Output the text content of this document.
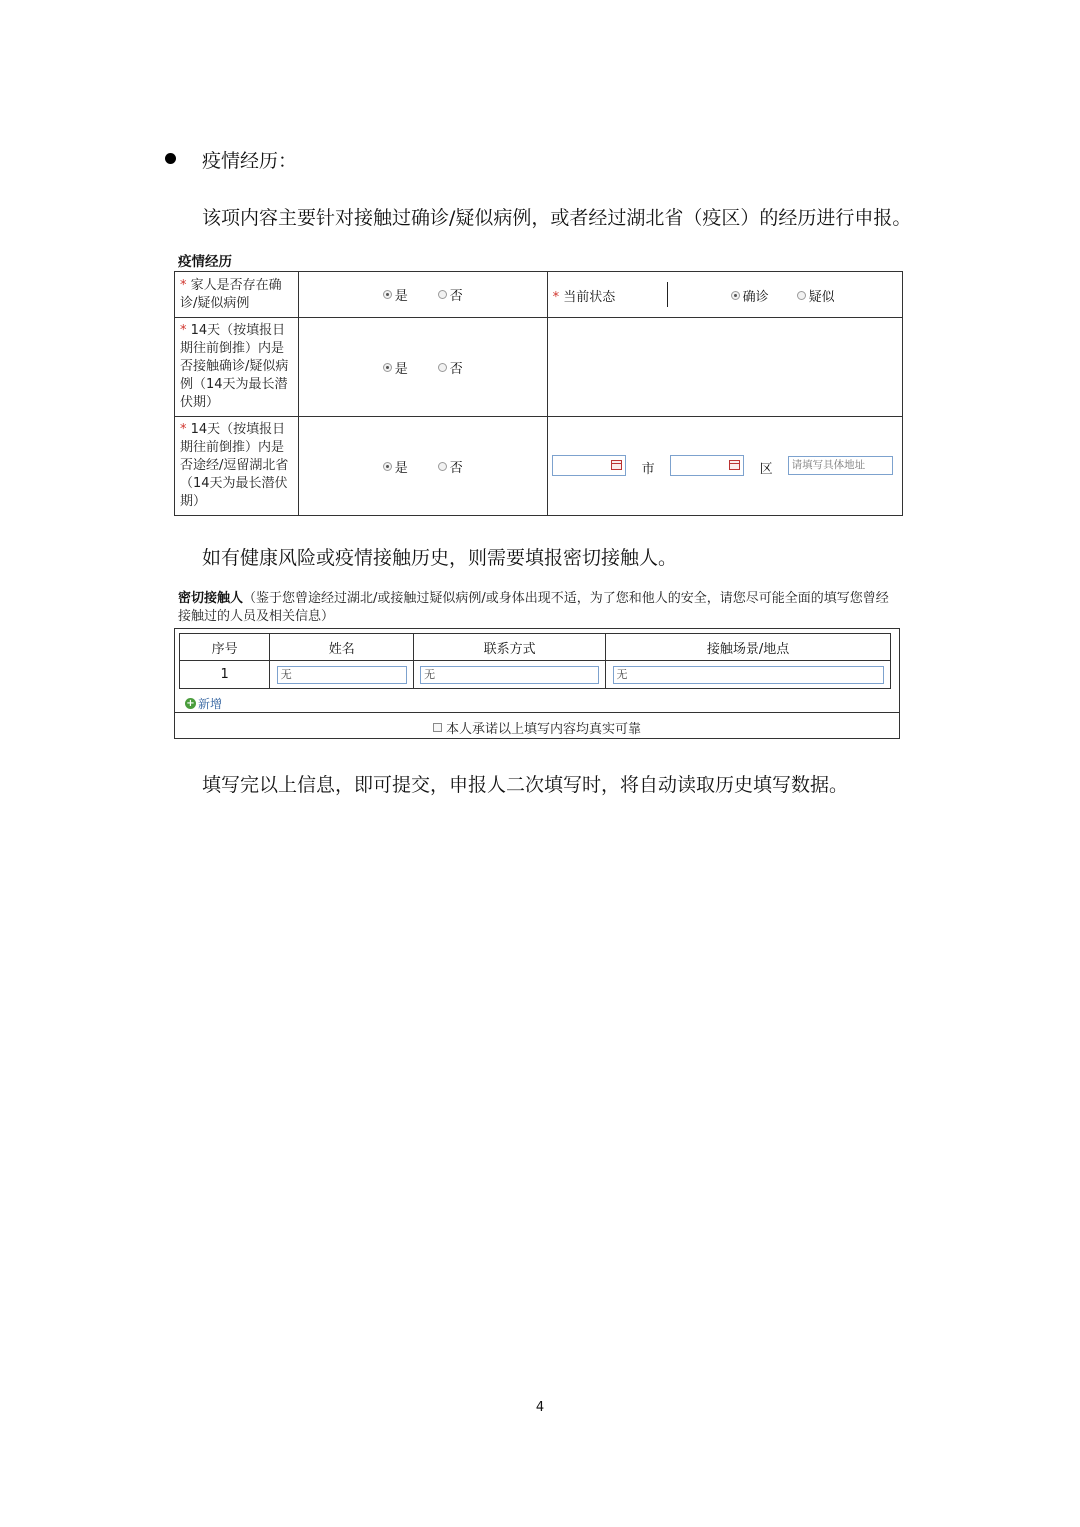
疫情经历：
该项内容主要针对接触过确诊/疑似病例，或者经过湖北省（疫区）的经历进行申报。
疫情经历
* 家人是否存在确诊/疑似病例	是 否	* 当前状态 确诊 疑似

* 14天（按填报日期往前倒推）内是否接触确诊/疑似病例（14天为最长潜伏期）	是 否	

* 14天（按填报日期往前倒推）内是否途经/逗留湖北省（14天为最长潜伏期）	是 否	市 区 请填写具体地址
如有健康风险或疫情接触历史，则需要填报密切接触人。
密切接触人（鉴于您曾途经过湖北/或接触过疑似病例/或身体出现不适，为了您和他人的安全，请您尽可能全面的填写您曾经接触过的人员及相关信息）
序号	姓名	联系方式	接触场景/地点
1	无	无	无
+ 新增
本人承诺以上填写内容均真实可靠
填写完以上信息，即可提交，申报人二次填写时，将自动读取历史填写数据。
4
